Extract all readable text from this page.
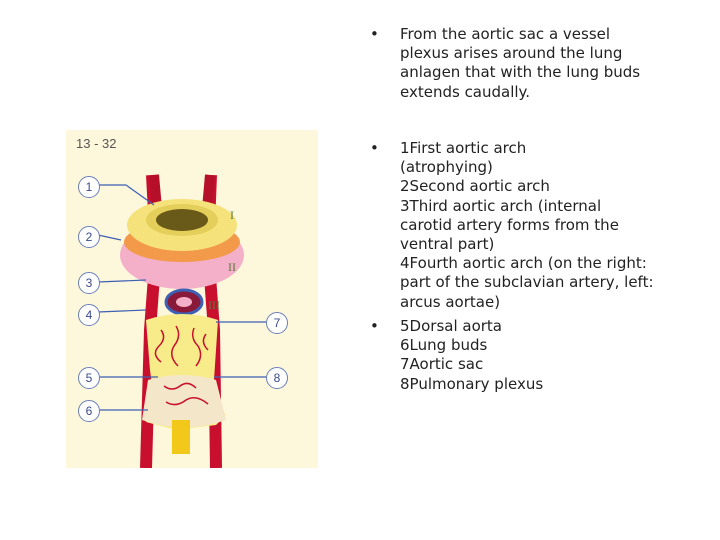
13 - 32
1
2
3
4
5
6
7
8
I
II
III
• From the aortic sac a vessel
plexus arises around the lung
anlagen that with the lung buds
extends caudally.
• 1First aortic arch
(atrophying)
2Second aortic arch
3Third aortic arch (internal
carotid artery forms from the
ventral part)
4Fourth aortic arch (on the right:
part of the subclavian artery, left:
arcus aortae)
• 5Dorsal aorta
6Lung buds
7Aortic sac
8Pulmonary plexus
